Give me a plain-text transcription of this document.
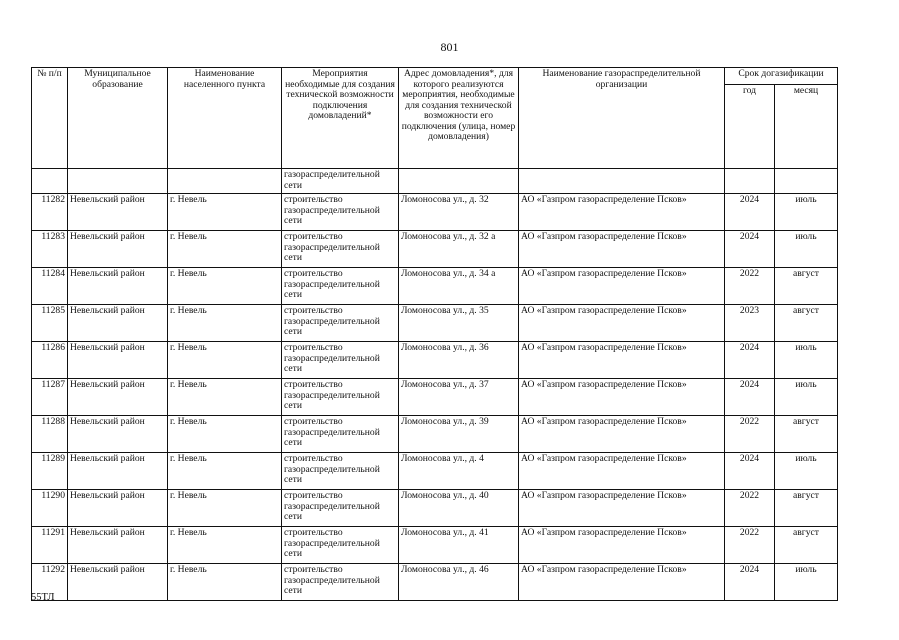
801
№ п/п	Муниципальное образование	Наименование населенного пункта	Мероприятия необходимые для создания технической возможности подключения домовладений*	Адрес домовладения*, для которого реализуются мероприятия, необходимые для создания технической возможности его подключения (улица, номер домовладения)	Наименование газораспределительной организации	Срок догазификации	
						год	месяц
			газораспределительной сети				
11282	Невельский район	г. Невель	строительство газораспределительной сети	Ломоносова ул., д. 32	АО «Газпром газораспределение Псков»	2024	июль
11283	Невельский район	г. Невель	строительство газораспределительной сети	Ломоносова ул., д. 32 а	АО «Газпром газораспределение Псков»	2024	июль
11284	Невельский район	г. Невель	строительство газораспределительной сети	Ломоносова ул., д. 34 а	АО «Газпром газораспределение Псков»	2022	август
11285	Невельский район	г. Невель	строительство газораспределительной сети	Ломоносова ул., д. 35	АО «Газпром газораспределение Псков»	2023	август
11286	Невельский район	г. Невель	строительство газораспределительной сети	Ломоносова ул., д. 36	АО «Газпром газораспределение Псков»	2024	июль
11287	Невельский район	г. Невель	строительство газораспределительной сети	Ломоносова ул., д. 37	АО «Газпром газораспределение Псков»	2024	июль
11288	Невельский район	г. Невель	строительство газораспределительной сети	Ломоносова ул., д. 39	АО «Газпром газораспределение Псков»	2022	август
11289	Невельский район	г. Невель	строительство газораспределительной сети	Ломоносова ул., д. 4	АО «Газпром газораспределение Псков»	2024	июль
11290	Невельский район	г. Невель	строительство газораспределительной сети	Ломоносова ул., д. 40	АО «Газпром газораспределение Псков»	2022	август
11291	Невельский район	г. Невель	строительство газораспределительной сети	Ломоносова ул., д. 41	АО «Газпром газораспределение Псков»	2022	август
11292	Невельский район	г. Невель	строительство газораспределительной сети	Ломоносова ул., д. 46	АО «Газпром газораспределение Псков»	2024	июль
55ТЛ
